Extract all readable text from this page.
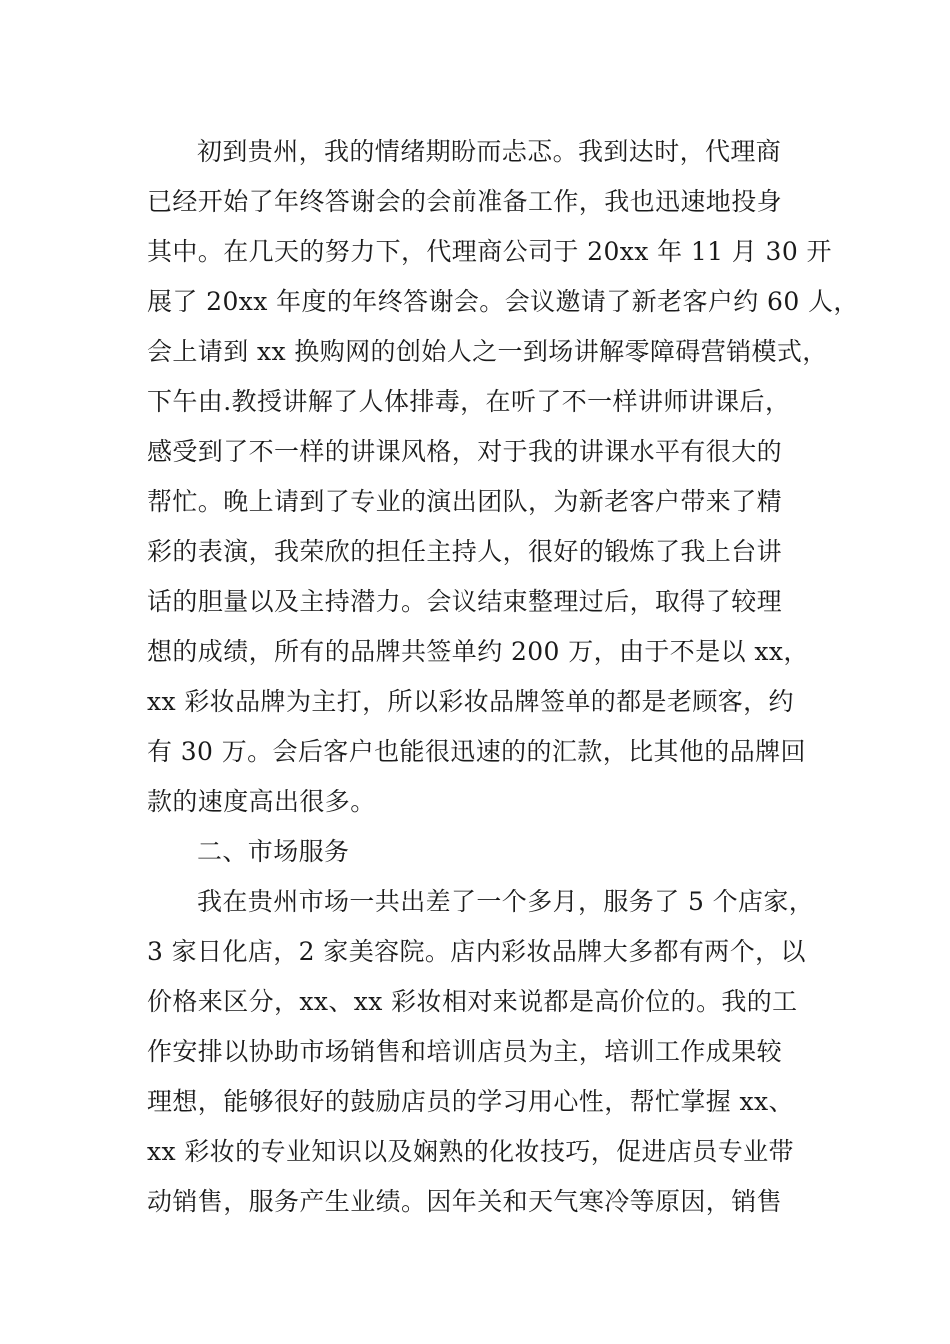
初到贵州，我的情绪期盼而忐忑。我到达时，代理商
已经开始了年终答谢会的会前准备工作，我也迅速地投身
其中。在几天的努力下，代理商公司于 20xx 年 11 月 30 开
展了 20xx 年度的年终答谢会。会议邀请了新老客户约 60 人，
会上请到 xx 换购网的创始人之一到场讲解零障碍营销模式，
下午由.教授讲解了人体排毒，在听了不一样讲师讲课后，
感受到了不一样的讲课风格，对于我的讲课水平有很大的
帮忙。晚上请到了专业的演出团队，为新老客户带来了精
彩的表演，我荣欣的担任主持人，很好的锻炼了我上台讲
话的胆量以及主持潜力。会议结束整理过后，取得了较理
想的成绩，所有的品牌共签单约 200 万，由于不是以 xx，
xx 彩妆品牌为主打，所以彩妆品牌签单的都是老顾客，约
有 30 万。会后客户也能很迅速的的汇款，比其他的品牌回
款的速度高出很多。
二、市场服务
我在贵州市场一共出差了一个多月，服务了 5 个店家，
3 家日化店，2 家美容院。店内彩妆品牌大多都有两个，以
价格来区分，xx、xx 彩妆相对来说都是高价位的。我的工
作安排以协助市场销售和培训店员为主，培训工作成果较
理想，能够很好的鼓励店员的学习用心性，帮忙掌握 xx、
xx 彩妆的专业知识以及娴熟的化妆技巧，促进店员专业带
动销售，服务产生业绩。因年关和天气寒冷等原因，销售
